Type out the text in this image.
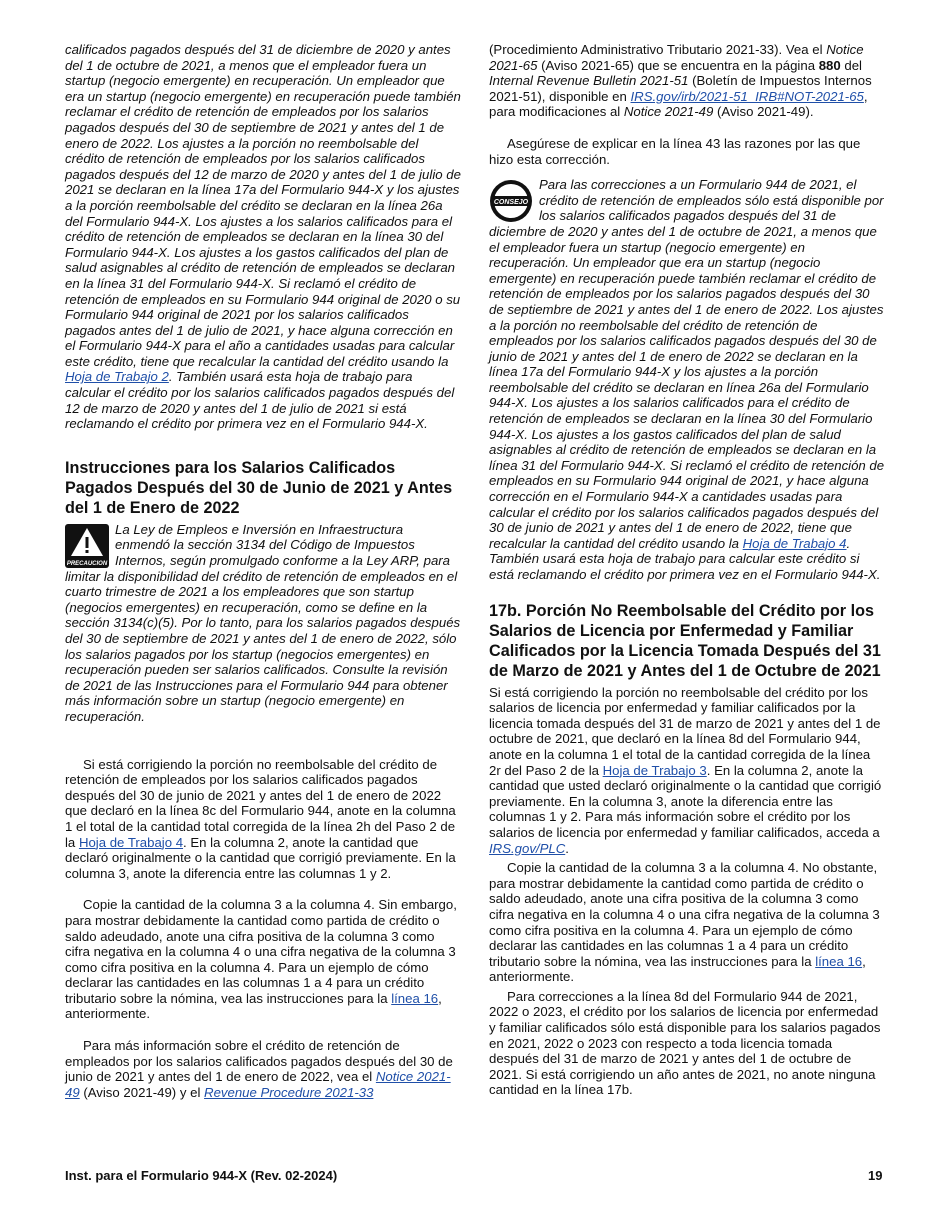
calificados pagados después del 31 de diciembre de 2020 y antes del 1 de octubre de 2021, a menos que el empleador fuera un startup (negocio emergente) en recuperación. Un empleador que era un startup (negocio emergente) en recuperación puede también reclamar el crédito de retención de empleados por los salarios pagados después del 30 de septiembre de 2021 y antes del 1 de enero de 2022. Los ajustes a la porción no reembolsable del crédito de retención de empleados por los salarios calificados pagados después del 12 de marzo de 2020 y antes del 1 de julio de 2021 se declaran en la línea 17a del Formulario 944-X y los ajustes a la porción reembolsable del crédito se declaran en la línea 26a del Formulario 944-X. Los ajustes a los salarios calificados para el crédito de retención de empleados se declaran en la línea 30 del Formulario 944-X. Los ajustes a los gastos calificados del plan de salud asignables al crédito de retención de empleados se declaran en la línea 31 del Formulario 944-X. Si reclamó el crédito de retención de empleados en su Formulario 944 original de 2020 o su Formulario 944 original de 2021 por los salarios calificados pagados antes del 1 de julio de 2021, y hace alguna corrección en el Formulario 944-X para el año a cantidades usadas para calcular este crédito, tiene que recalcular la cantidad del crédito usando la Hoja de Trabajo 2. También usará esta hoja de trabajo para calcular el crédito por los salarios calificados pagados después del 12 de marzo de 2020 y antes del 1 de julio de 2021 si está reclamando el crédito por primera vez en el Formulario 944-X.

Instrucciones para los Salarios Calificados Pagados Después del 30 de Junio de 2021 y Antes del 1 de Enero de 2022
PRECAUCION
La Ley de Empleos e Inversión en Infraestructura enmendó la sección 3134 del Código de Impuestos Internos, según promulgado conforme a la Ley ARP, para limitar la disponibilidad del crédito de retención de empleados en el cuarto trimestre de 2021 a los empleadores que son startup (negocios emergentes) en recuperación, como se define en la sección 3134(c)(5). Por lo tanto, para los salarios pagados después del 30 de septiembre de 2021 y antes del 1 de enero de 2022, sólo los salarios pagados por los startup (negocios emergentes) en recuperación pueden ser salarios calificados. Consulte la revisión de 2021 de las Instrucciones para el Formulario 944 para obtener más información sobre un startup (negocio emergente) en recuperación.

Si está corrigiendo la porción no reembolsable del crédito de retención de empleados por los salarios calificados pagados después del 30 de junio de 2021 y antes del 1 de enero de 2022 que declaró en la línea 8c del Formulario 944, anote en la columna 1 el total de la cantidad total corregida de la línea 2h del Paso 2 de la Hoja de Trabajo 4. En la columna 2, anote la cantidad que declaró originalmente o la cantidad que corrigió previamente. En la columna 3, anote la diferencia entre las columnas 1 y 2.

Copie la cantidad de la columna 3 a la columna 4. Sin embargo, para mostrar debidamente la cantidad como partida de crédito o saldo adeudado, anote una cifra positiva de la columna 3 como cifra negativa en la columna 4 o una cifra negativa de la columna 3 como cifra positiva en la columna 4. Para un ejemplo de cómo declarar las cantidades en las columnas 1 a 4 para un crédito tributario sobre la nómina, vea las instrucciones para la línea 16, anteriormente.

Para más información sobre el crédito de retención de empleados por los salarios calificados pagados después del 30 de junio de 2021 y antes del 1 de enero de 2022, vea el Notice 2021-49 (Aviso 2021-49) y el Revenue Procedure 2021-33

(Procedimiento Administrativo Tributario 2021-33). Vea el Notice 2021-65 (Aviso 2021-65) que se encuentra en la página 880 del Internal Revenue Bulletin 2021-51 (Boletín de Impuestos Internos 2021-51), disponible en IRS.gov/irb/2021-51_IRB#NOT-2021-65, para modificaciones al Notice 2021-49 (Aviso 2021-49).

Asegúrese de explicar en la línea 43 las razones por las que hizo esta corrección.

CONSEJO
Para las correcciones a un Formulario 944 de 2021, el crédito de retención de empleados sólo está disponible por los salarios calificados pagados después del 31 de diciembre de 2020 y antes del 1 de octubre de 2021, a menos que el empleador fuera un startup (negocio emergente) en recuperación. Un empleador que era un startup (negocio emergente) en recuperación puede también reclamar el crédito de retención de empleados por los salarios pagados después del 30 de septiembre de 2021 y antes del 1 de enero de 2022. Los ajustes a la porción no reembolsable del crédito de retención de empleados por los salarios calificados pagados después del 30 de junio de 2021 y antes del 1 de enero de 2022 se declaran en la línea 17a del Formulario 944-X y los ajustes a la porción reembolsable del crédito se declaran en línea 26a del Formulario 944-X. Los ajustes a los salarios calificados para el crédito de retención de empleados se declaran en la línea 30 del Formulario 944-X. Los ajustes a los gastos calificados del plan de salud asignables al crédito de retención de empleados se declaran en la línea 31 del Formulario 944-X. Si reclamó el crédito de retención de empleados en su Formulario 944 original de 2021, y hace alguna corrección en el Formulario 944-X a cantidades usadas para calcular el crédito por los salarios calificados pagados después del 30 de junio de 2021 y antes del 1 de enero de 2022, tiene que recalcular la cantidad del crédito usando la Hoja de Trabajo 4. También usará esta hoja de trabajo para calcular este crédito si está reclamando el crédito por primera vez en el Formulario 944-X.
17b. Porción No Reembolsable del Crédito por los Salarios de Licencia por Enfermedad y Familiar Calificados por la Licencia Tomada Después del 31 de Marzo de 2021 y Antes del 1 de Octubre de 2021

Si está corrigiendo la porción no reembolsable del crédito por los salarios de licencia por enfermedad y familiar calificados por la licencia tomada después del 31 de marzo de 2021 y antes del 1 de octubre de 2021, que declaró en la línea 8d del Formulario 944, anote en la columna 1 el total de la cantidad corregida de la línea 2r del Paso 2 de la Hoja de Trabajo 3. En la columna 2, anote la cantidad que usted declaró originalmente o la cantidad que corrigió previamente. En la columna 3, anote la diferencia entre las columnas 1 y 2. Para más información sobre el crédito por los salarios de licencia por enfermedad y familiar calificados, acceda a IRS.gov/PLC.

Copie la cantidad de la columna 3 a la columna 4. No obstante, para mostrar debidamente la cantidad como partida de crédito o saldo adeudado, anote una cifra positiva de la columna 3 como cifra negativa en la columna 4 o una cifra negativa de la columna 3 como cifra positiva en la columna 4. Para un ejemplo de cómo declarar las cantidades en las columnas 1 a 4 para un crédito tributario sobre la nómina, vea las instrucciones para la línea 16, anteriormente.

Para correcciones a la línea 8d del Formulario 944 de 2021, 2022 o 2023, el crédito por los salarios de licencia por enfermedad y familiar calificados sólo está disponible para los salarios pagados en 2021, 2022 o 2023 con respecto a toda licencia tomada después del 31 de marzo de 2021 y antes del 1 de octubre de 2021. Si está corrigiendo un año antes de 2021, no anote ninguna cantidad en la línea 17b.

Inst. para el Formulario 944-X (Rev. 02-2024)	19
